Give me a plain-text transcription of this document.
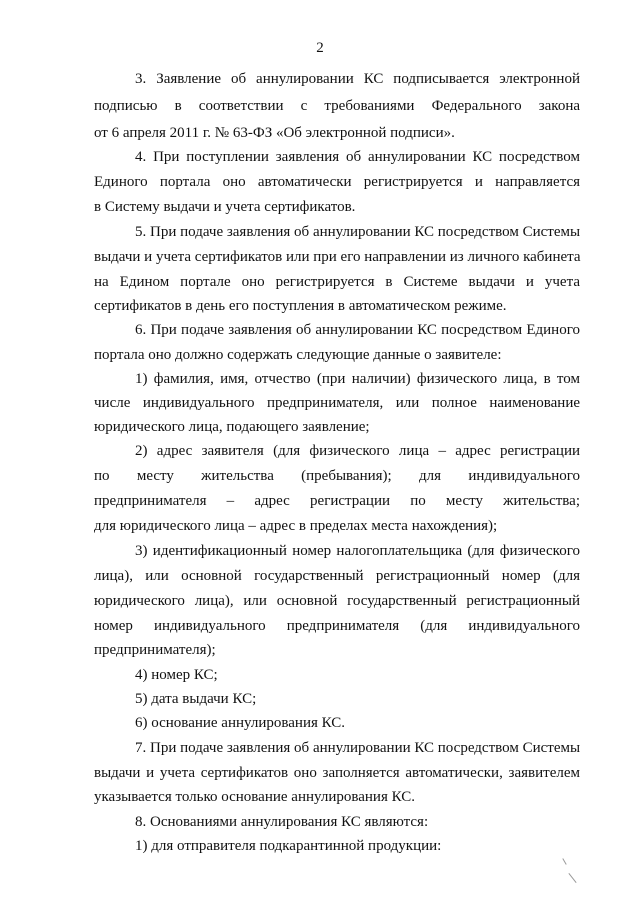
2
3. Заявление об аннулировании КС подписывается электронной
подписью в соответствии с требованиями Федерального закона
от 6 апреля 2011 г. № 63-ФЗ «Об электронной подписи».
4. При поступлении заявления об аннулировании КС посредством
Единого портала оно автоматически регистрируется и направляется
в Систему выдачи и учета сертификатов.
5. При подаче заявления об аннулировании КС посредством Системы
выдачи и учета сертификатов или при его направлении из личного кабинета
на Едином портале оно регистрируется в Системе выдачи и учета
сертификатов в день его поступления в автоматическом режиме.
6. При подаче заявления об аннулировании КС посредством Единого
портала оно должно содержать следующие данные о заявителе:
1) фамилия, имя, отчество (при наличии) физического лица, в том
числе индивидуального предпринимателя, или полное наименование
юридического лица, подающего заявление;
2) адрес заявителя (для физического лица – адрес регистрации
по месту жительства (пребывания); для индивидуального
предпринимателя – адрес регистрации по месту жительства;
для юридического лица – адрес в пределах места нахождения);
3) идентификационный номер налогоплательщика (для физического
лица), или основной государственный регистрационный номер (для
юридического лица), или основной государственный регистрационный
номер индивидуального предпринимателя (для индивидуального
предпринимателя);
4) номер КС;
5) дата выдачи КС;
6) основание аннулирования КС.
7. При подаче заявления об аннулировании КС посредством Системы
выдачи и учета сертификатов оно заполняется автоматически, заявителем
указывается только основание аннулирования КС.
8. Основаниями аннулирования КС являются:
1) для отправителя подкарантинной продукции:
